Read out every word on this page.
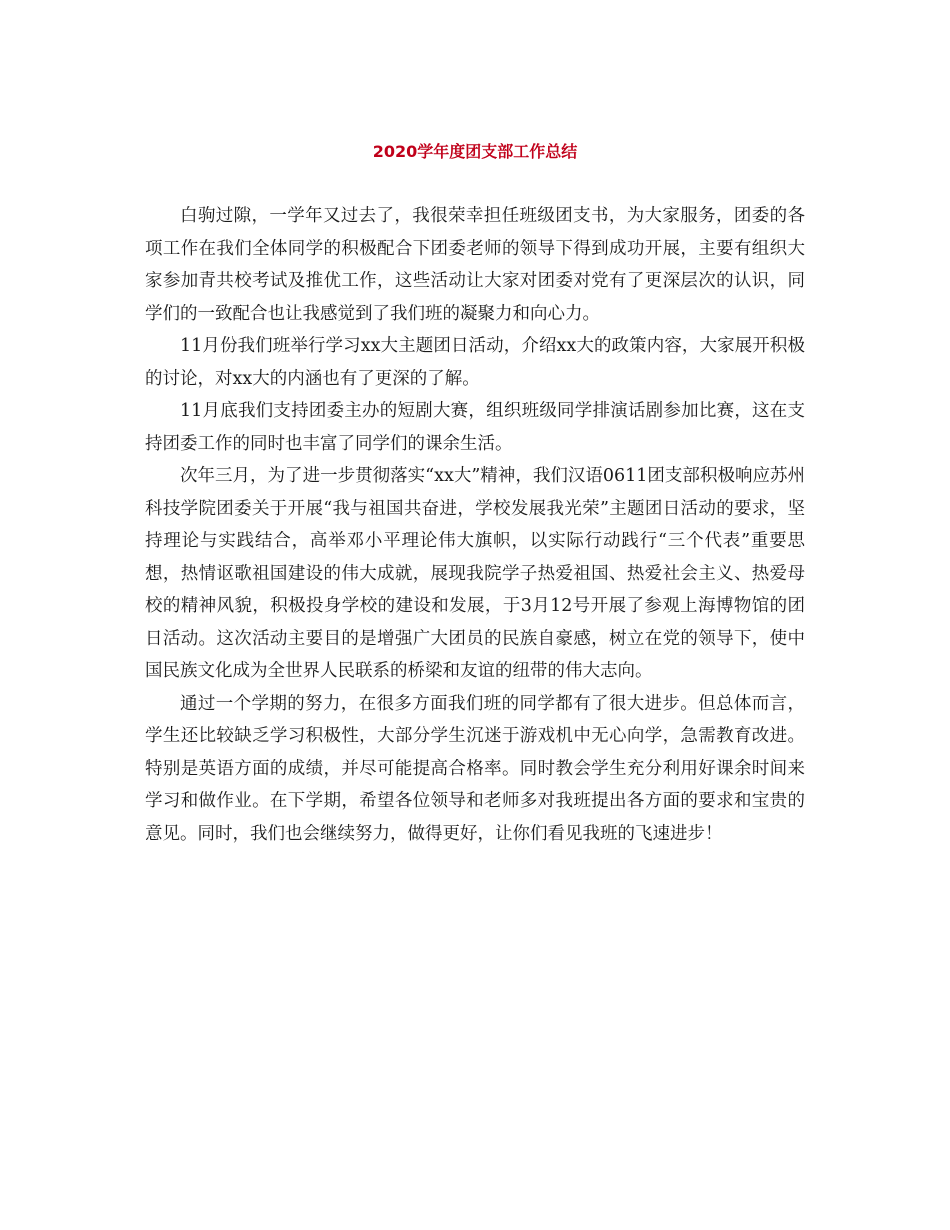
2020学年度团支部工作总结

白驹过隙，一学年又过去了，我很荣幸担任班级团支书，为大家服务，团委的各项工作在我们全体同学的积极配合下团委老师的领导下得到成功开展，主要有组织大家参加青共校考试及推优工作，这些活动让大家对团委对党有了更深层次的认识，同学们的一致配合也让我感觉到了我们班的凝聚力和向心力。

11月份我们班举行学习xx大主题团日活动，介绍xx大的政策内容，大家展开积极的讨论，对xx大的内涵也有了更深的了解。

11月底我们支持团委主办的短剧大赛，组织班级同学排演话剧参加比赛，这在支持团委工作的同时也丰富了同学们的课余生活。

次年三月，为了进一步贯彻落实“xx大”精神，我们汉语0611团支部积极响应苏州科技学院团委关于开展“我与祖国共奋进，学校发展我光荣”主题团日活动的要求，坚持理论与实践结合，高举邓小平理论伟大旗帜，以实际行动践行“三个代表”重要思想，热情讴歌祖国建设的伟大成就，展现我院学子热爱祖国、热爱社会主义、热爱母校的精神风貌，积极投身学校的建设和发展，于3月12号开展了参观上海博物馆的团日活动。这次活动主要目的是增强广大团员的民族自豪感，树立在党的领导下，使中国民族文化成为全世界人民联系的桥梁和友谊的纽带的伟大志向。

通过一个学期的努力，在很多方面我们班的同学都有了很大进步。但总体而言，学生还比较缺乏学习积极性，大部分学生沉迷于游戏机中无心向学，急需教育改进。特别是英语方面的成绩，并尽可能提高合格率。同时教会学生充分利用好课余时间来学习和做作业。在下学期，希望各位领导和老师多对我班提出各方面的要求和宝贵的意见。同时，我们也会继续努力，做得更好，让你们看见我班的飞速进步！
